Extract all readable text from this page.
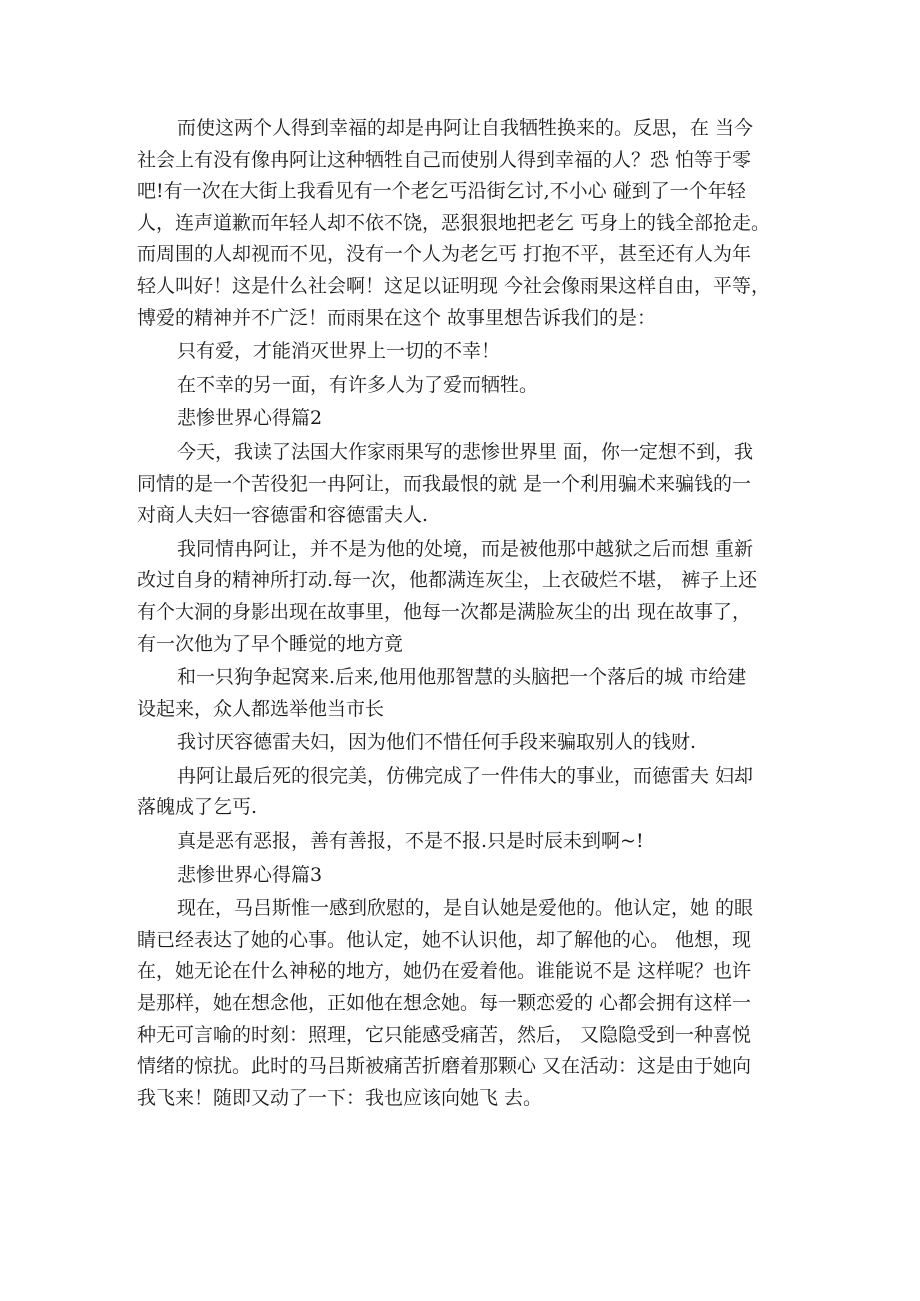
而使这两个人得到幸福的却是冉阿让自我牺牲换来的。反思，在 当今
社会上有没有像冉阿让这种牺牲自己而使别人得到幸福的人？恐 怕等于零
吧!有一次在大街上我看见有一个老乞丐沿街乞讨,不小心 碰到了一个年轻
人，连声道歉而年轻人却不依不饶，恶狠狠地把老乞 丐身上的钱全部抢走。
而周围的人却视而不见，没有一个人为老乞丐 打抱不平，甚至还有人为年
轻人叫好！这是什么社会啊！这足以证明现 今社会像雨果这样自由，平等，
博爱的精神并不广泛！而雨果在这个 故事里想告诉我们的是：
只有爱，才能消灭世界上一切的不幸！
在不幸的另一面，有许多人为了爱而牺牲。
悲惨世界心得篇2
今天，我读了法国大作家雨果写的悲惨世界里 面，你一定想不到，我
同情的是一个苦役犯一冉阿让，而我最恨的就 是一个利用骗术来骗钱的一
对商人夫妇一容德雷和容德雷夫人.
我同情冉阿让，并不是为他的处境，而是被他那中越狱之后而想 重新
改过自身的精神所打动.每一次，他都满连灰尘，上衣破烂不堪， 裤子上还
有个大洞的身影出现在故事里，他每一次都是满脸灰尘的出 现在故事了，
有一次他为了早个睡觉的地方竟
和一只狗争起窝来.后来,他用他那智慧的头脑把一个落后的城 市给建
设起来，众人都选举他当市长
我讨厌容德雷夫妇，因为他们不惜任何手段来骗取别人的钱财.
冉阿让最后死的很完美，仿佛完成了一件伟大的事业，而德雷夫 妇却
落魄成了乞丐.
真是恶有恶报，善有善报，不是不报.只是时辰未到啊~!
悲惨世界心得篇3
现在，马吕斯惟一感到欣慰的，是自认她是爱他的。他认定，她 的眼
睛已经表达了她的心事。他认定，她不认识他，却了解他的心。 他想，现
在，她无论在什么神秘的地方，她仍在爱着他。谁能说不是 这样呢？也许
是那样，她在想念他，正如他在想念她。每一颗恋爱的 心都会拥有这样一
种无可言喻的时刻：照理，它只能感受痛苦，然后， 又隐隐受到一种喜悦
情绪的惊扰。此时的马吕斯被痛苦折磨着那颗心 又在活动：这是由于她向
我飞来！随即又动了一下：我也应该向她飞 去。
